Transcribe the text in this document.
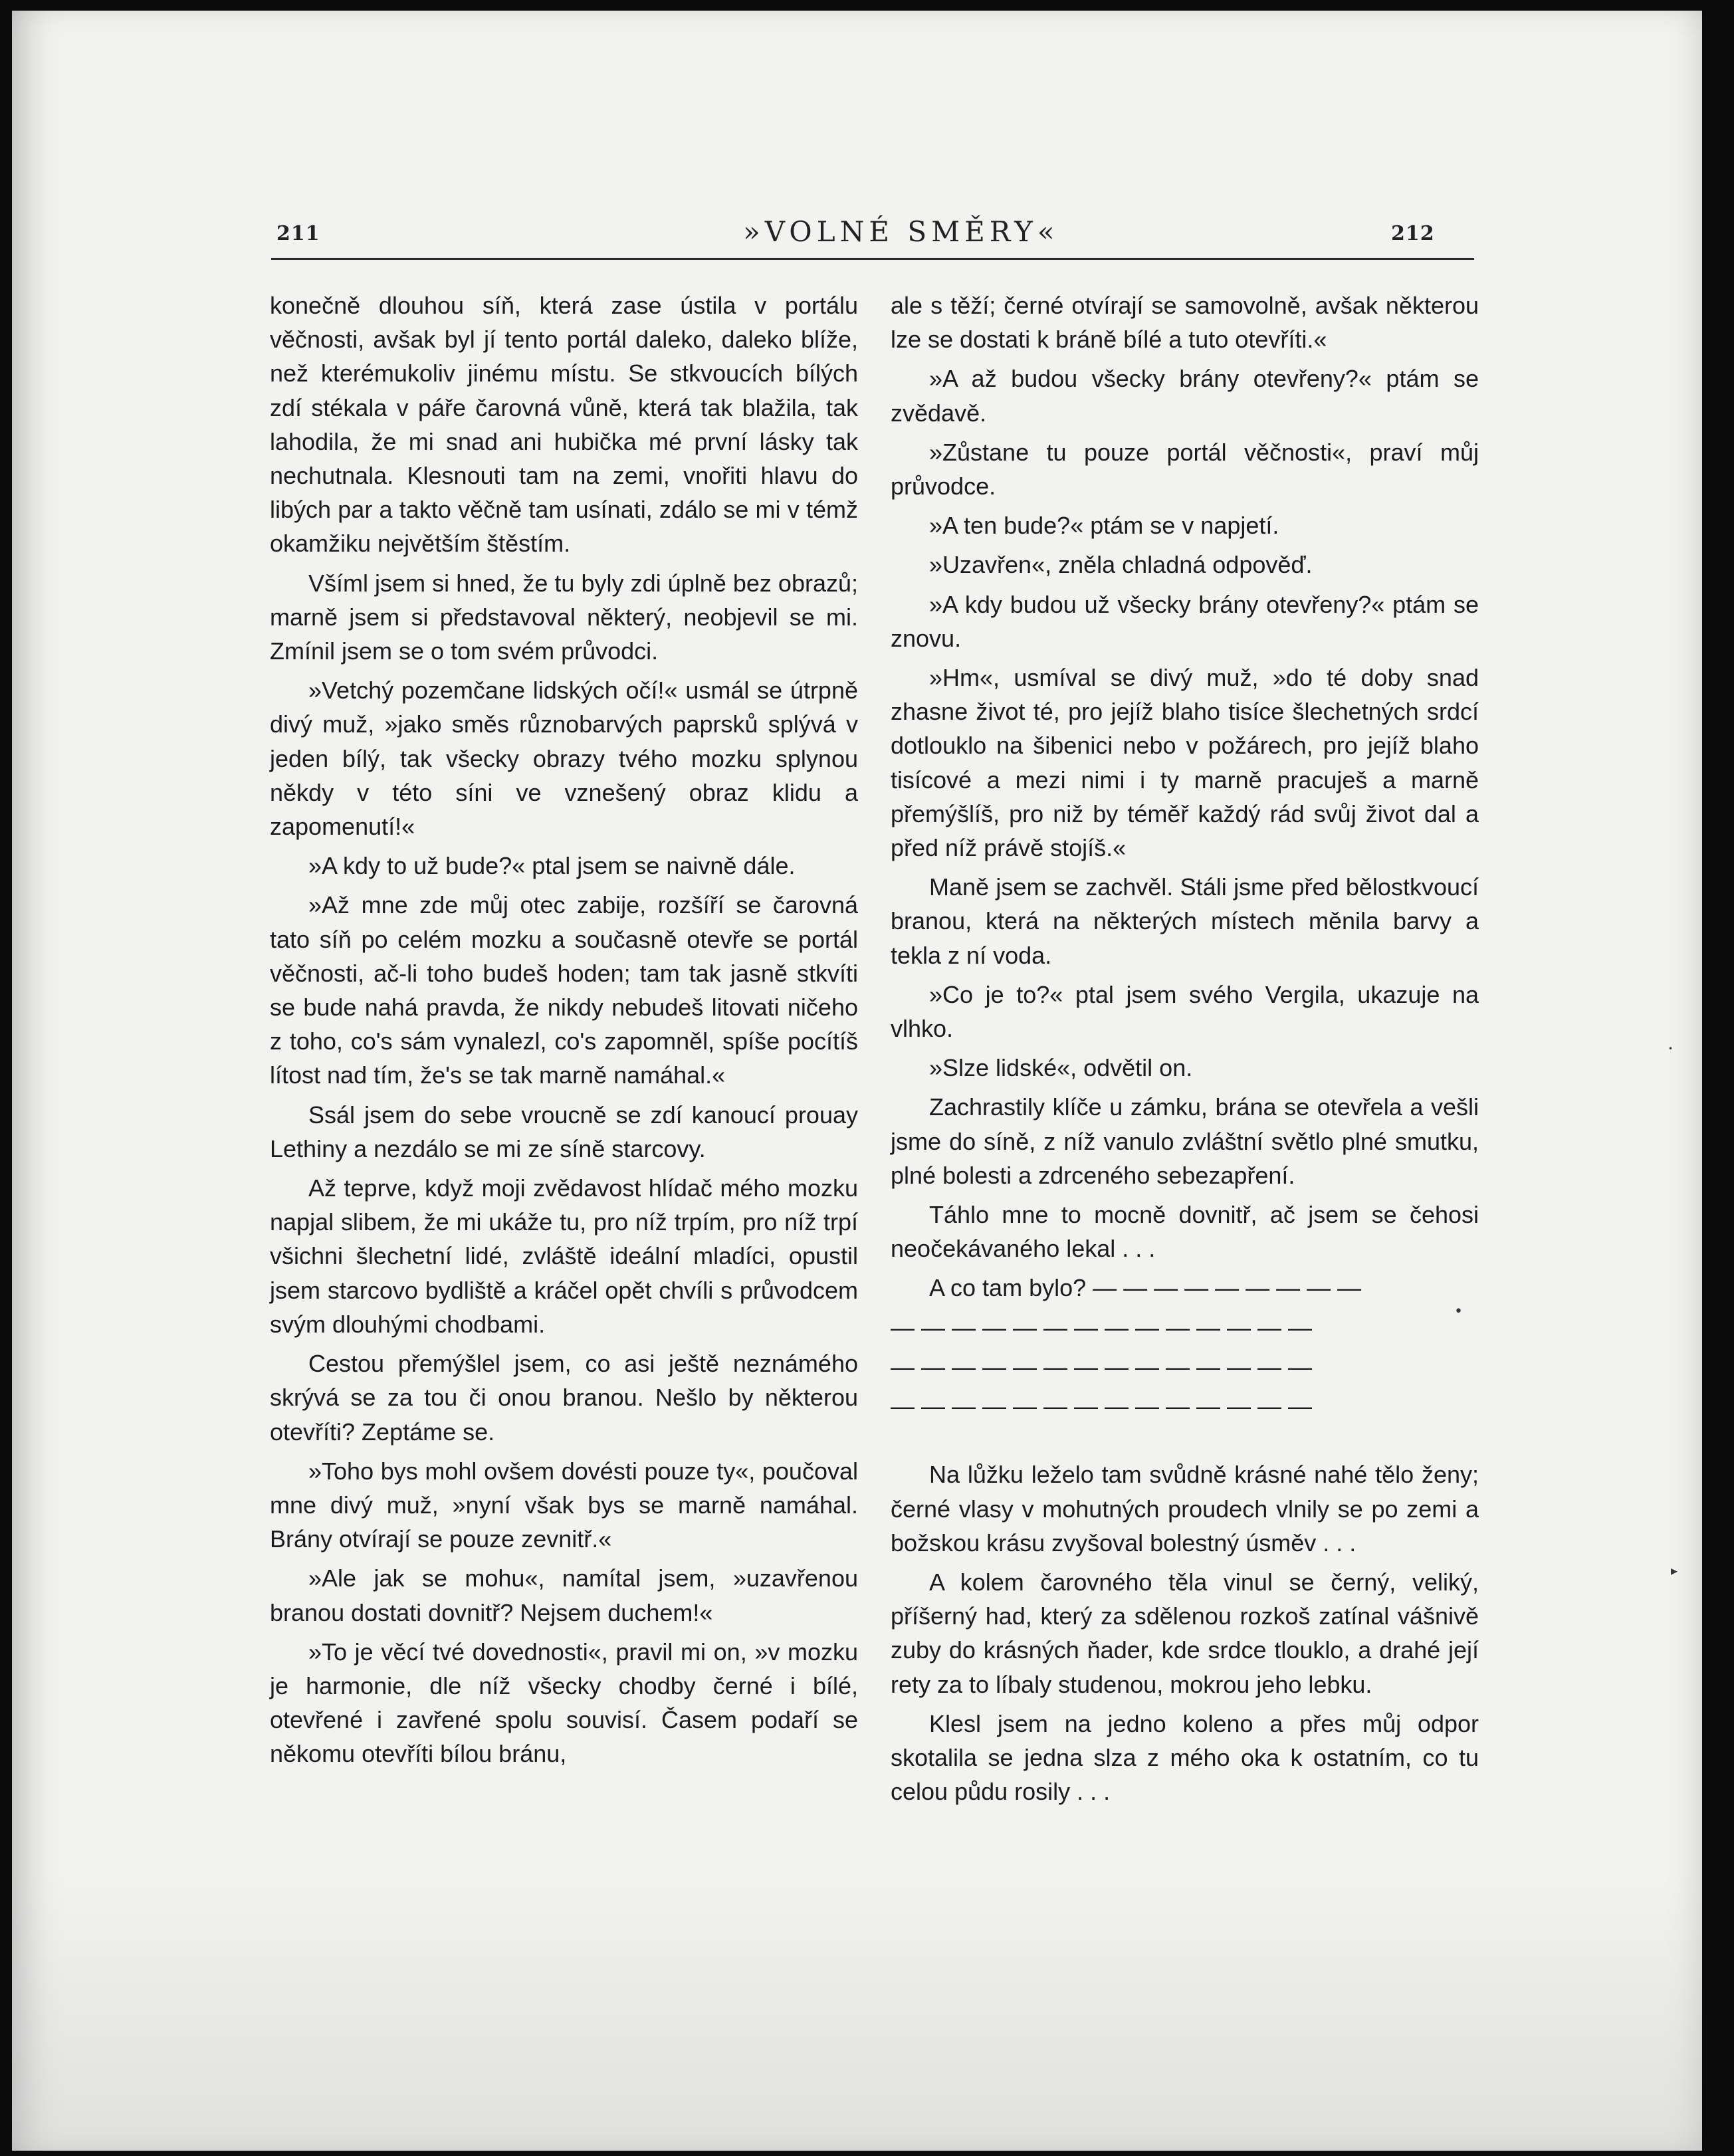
211	»VOLNÉ SMĚRY«	212

konečně dlouhou síň, která zase ústila v portálu věčnosti, avšak byl jí tento portál daleko, daleko blíže, než kterémukoliv jinému místu. Se stkvoucích bílých zdí stékala v páře čarovná vůně, která tak blažila, tak lahodila, že mi snad ani hubička mé první lásky tak nechutnala. Klesnouti tam na zemi, vnořiti hlavu do libých par a takto věčně tam usínati, zdálo se mi v témž okamžiku největším štěstím.

Všíml jsem si hned, že tu byly zdi úplně bez obrazů; marně jsem si představoval některý, neobjevil se mi. Zmínil jsem se o tom svém průvodci.

»Vetchý pozemčane lidských očí!« usmál se útrpně divý muž, »jako směs různobarvých paprsků splývá v jeden bílý, tak všecky obrazy tvého mozku splynou někdy v této síni ve vznešený obraz klidu a zapomenutí!«

»A kdy to už bude?« ptal jsem se naivně dále.

»Až mne zde můj otec zabije, rozšíří se čarovná tato síň po celém mozku a současně otevře se portál věčnosti, ač-li toho budeš hoden; tam tak jasně stkvíti se bude nahá pravda, že nikdy nebudeš litovati ničeho z toho, co's sám vynalezl, co's zapomněl, spíše pocítíš lítost nad tím, že's se tak marně namáhal.«

Ssál jsem do sebe vroucně se zdí kanoucí prouay Lethiny a nezdálo se mi ze síně starcovy.

Až teprve, když moji zvědavost hlídač mého mozku napjal slibem, že mi ukáže tu, pro níž trpím, pro níž trpí všichni šlechetní lidé, zvláště ideální mladíci, opustil jsem starcovo bydliště a kráčel opět chvíli s průvodcem svým dlouhými chodbami.

Cestou přemýšlel jsem, co asi ještě neznámého skrývá se za tou či onou branou. Nešlo by některou otevříti? Zeptáme se.

»Toho bys mohl ovšem dovésti pouze ty«, poučoval mne divý muž, »nyní však bys se marně namáhal. Brány otvírají se pouze zevnitř.«

»Ale jak se mohu«, namítal jsem, »uzavřenou branou dostati dovnitř? Nejsem duchem!«

»To je věcí tvé dovednosti«, pravil mi on, »v mozku je harmonie, dle níž všecky chodby černé i bílé, otevřené i zavřené spolu souvisí. Časem podaří se někomu otevříti bílou bránu,

ale s těží; černé otvírají se samovolně, avšak některou lze se dostati k bráně bílé a tuto otevříti.«

»A až budou všecky brány otevřeny?« ptám se zvědavě.

»Zůstane tu pouze portál věčnosti«, praví můj průvodce.

»A ten bude?« ptám se v napjetí.

»Uzavřen«, zněla chladná odpověď.

»A kdy budou už všecky brány otevřeny?« ptám se znovu.

»Hm«, usmíval se divý muž, »do té doby snad zhasne život té, pro jejíž blaho tisíce šlechetných srdcí dotlouklo na šibenici nebo v požárech, pro jejíž blaho tisícové a mezi nimi i ty marně pracuješ a marně přemýšlíš, pro niž by téměř každý rád svůj život dal a před níž právě stojíš.«

Maně jsem se zachvěl. Stáli jsme před bělostkvoucí branou, která na některých místech měnila barvy a tekla z ní voda.

»Co je to?« ptal jsem svého Vergila, ukazuje na vlhko.

»Slze lidské«, odvětil on.

Zachrastily klíče u zámku, brána se otevřela a vešli jsme do síně, z níž vanulo zvláštní světlo plné smutku, plné bolesti a zdrceného sebezapření.

Táhlo mne to mocně dovnitř, ač jsem se čehosi neočekávaného lekal . . .

A co tam bylo? — — — — — — — — —

— — — — — — — — — — — — — —

— — — — — — — — — — — — — —

— — — — — — — — — — — — — —

Na lůžku leželo tam svůdně krásné nahé tělo ženy; černé vlasy v mohutných proudech vlnily se po zemi a božskou krásu zvyšoval bolestný úsměv . . .

A kolem čarovného těla vinul se černý, veliký, příšerný had, který za sdělenou rozkoš zatínal vášnivě zuby do krásných ňader, kde srdce tlouklo, a drahé její rety za to líbaly studenou, mokrou jeho lebku.

Klesl jsem na jedno koleno a přes můj odpor skotalila se jedna slza z mého oka k ostatním, co tu celou půdu rosily . . .

•
▸
•
